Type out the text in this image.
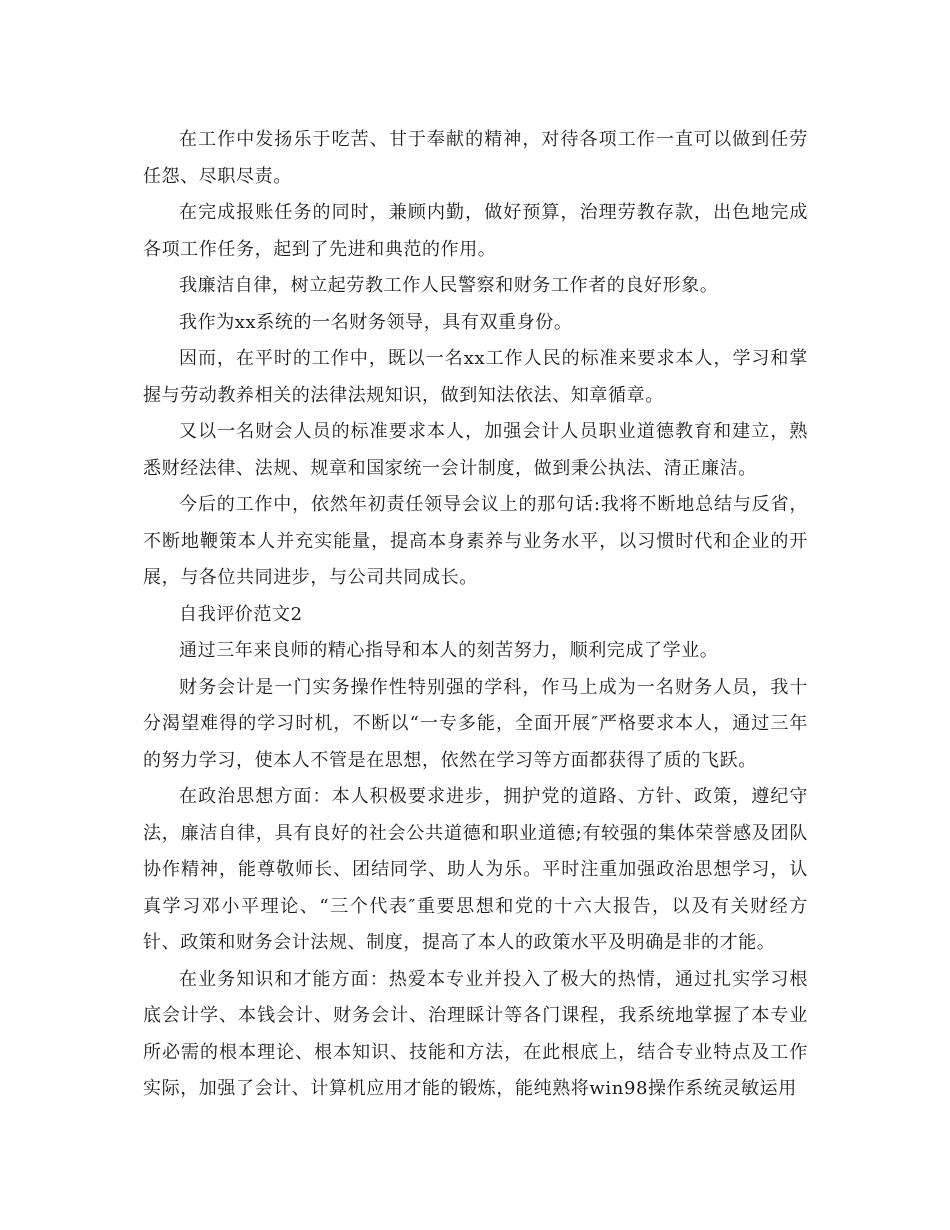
在工作中发扬乐于吃苦、甘于奉献的精神，对待各项工作一直可以做到任劳任怨、尽职尽责。

在完成报账任务的同时，兼顾内勤，做好预算，治理劳教存款，出色地完成各项工作任务，起到了先进和典范的作用。

我廉洁自律，树立起劳教工作人民警察和财务工作者的良好形象。

我作为xx系统的一名财务领导，具有双重身份。

因而，在平时的工作中，既以一名xx工作人民的标准来要求本人，学习和掌握与劳动教养相关的法律法规知识，做到知法依法、知章循章。

又以一名财会人员的标准要求本人，加强会计人员职业道德教育和建立，熟悉财经法律、法规、规章和国家统一会计制度，做到秉公执法、清正廉洁。

今后的工作中，依然年初责任领导会议上的那句话:我将不断地总结与反省，不断地鞭策本人并充实能量，提高本身素养与业务水平，以习惯时代和企业的开展，与各位共同进步，与公司共同成长。

自我评价范文2

通过三年来良师的精心指导和本人的刻苦努力，顺利完成了学业。

财务会计是一门实务操作性特别强的学科，作马上成为一名财务人员，我十分渴望难得的学习时机，不断以“一专多能，全面开展″严格要求本人，通过三年的努力学习，使本人不管是在思想，依然在学习等方面都获得了质的飞跃。

在政治思想方面：本人积极要求进步，拥护党的道路、方针、政策，遵纪守法，廉洁自律，具有良好的社会公共道德和职业道德;有较强的集体荣誉感及团队协作精神，能尊敬师长、团结同学、助人为乐。平时注重加强政治思想学习，认真学习邓小平理论、“三个代表″重要思想和党的十六大报告，以及有关财经方针、政策和财务会计法规、制度，提高了本人的政策水平及明确是非的才能。

在业务知识和才能方面：热爱本专业并投入了极大的热情，通过扎实学习根底会计学、本钱会计、财务会计、治理睬计等各门课程，我系统地掌握了本专业所必需的根本理论、根本知识、技能和方法，在此根底上，结合专业特点及工作实际，加强了会计、计算机应用才能的锻炼，能纯熟将win98操作系统灵敏运用
